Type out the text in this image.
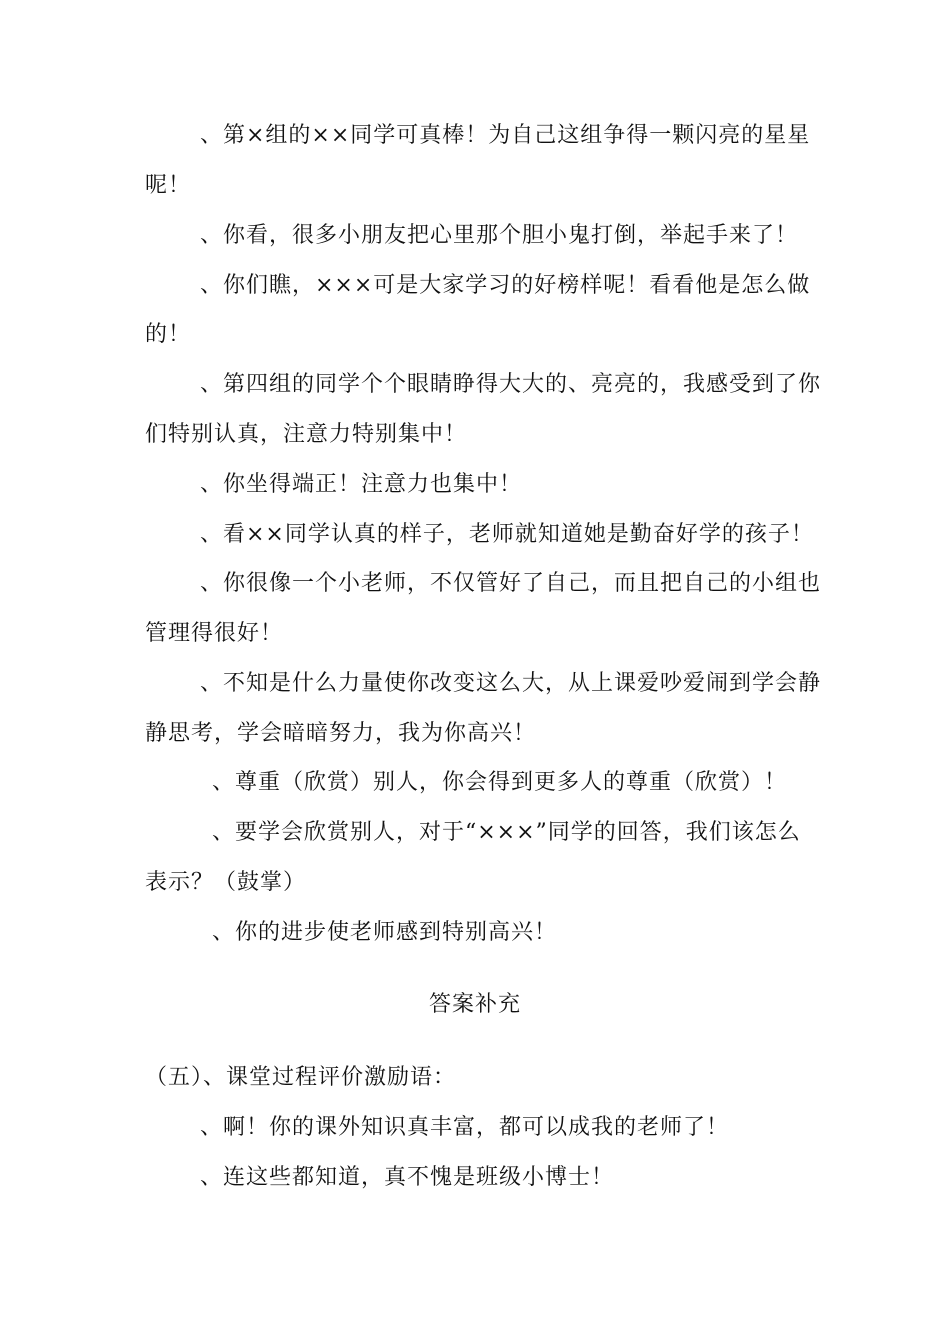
、第×组的××同学可真棒！为自己这组争得一颗闪亮的星星
呢！
、你看，很多小朋友把心里那个胆小鬼打倒，举起手来了！
、你们瞧，×××可是大家学习的好榜样呢！看看他是怎么做
的！
、第四组的同学个个眼睛睁得大大的、亮亮的，我感受到了你
们特别认真，注意力特别集中！
、你坐得端正！注意力也集中！
、看××同学认真的样子，老师就知道她是勤奋好学的孩子！
、你很像一个小老师，不仅管好了自己，而且把自己的小组也
管理得很好！
、不知是什么力量使你改变这么大，从上课爱吵爱闹到学会静
静思考，学会暗暗努力，我为你高兴！
、尊重（欣赏）别人，你会得到更多人的尊重（欣赏）！
、要学会欣赏别人，对于“×××”同学的回答，我们该怎么
表示？（鼓掌）
、你的进步使老师感到特别高兴！
答案补充
（五）、课堂过程评价激励语：
、啊！你的课外知识真丰富，都可以成我的老师了！
、连这些都知道，真不愧是班级小博士！
